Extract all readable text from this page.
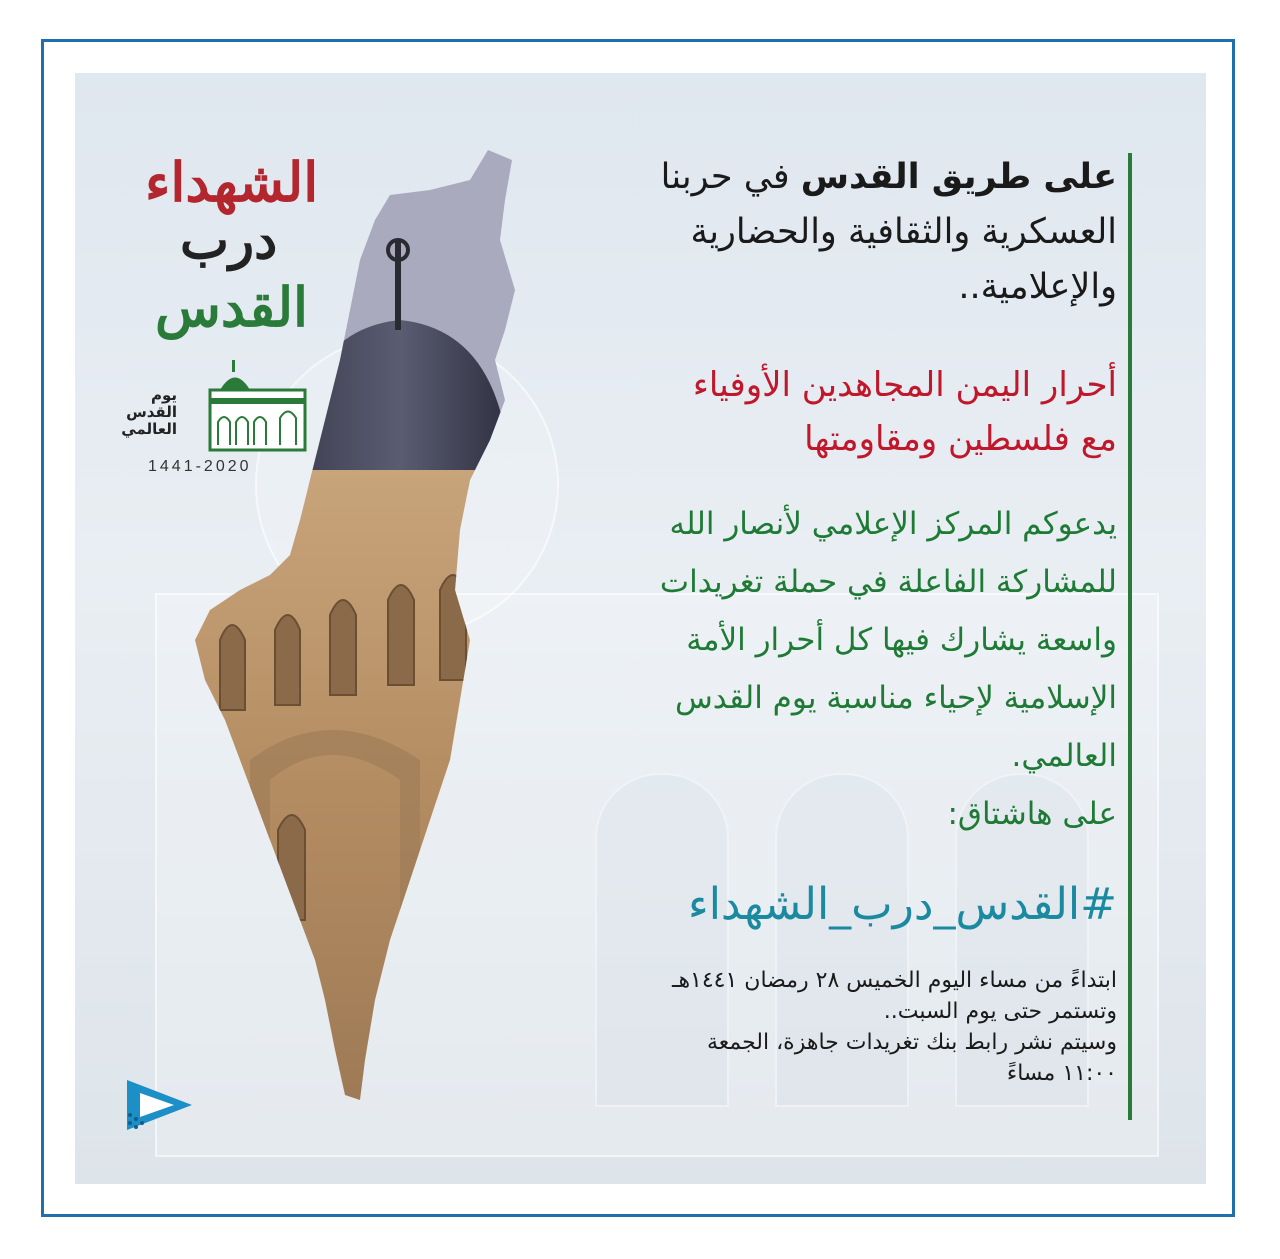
الشهداء
درب
القدس
يوم
القدس
العالمي
1441-2020
على طريق القدس في حربنا
العسكرية والثقافية والحضارية
والإعلامية..
أحرار اليمن المجاهدين الأوفياء
مع فلسطين ومقاومتها
يدعوكم المركز الإعلامي لأنصار الله
للمشاركة الفاعلة في حملة تغريدات
واسعة يشارك فيها كل أحرار الأمة
الإسلامية لإحياء مناسبة يوم القدس
العالمي.
على هاشتاق:
#القدس_درب_الشهداء
ابتداءً من مساء اليوم الخميس ٢٨ رمضان ١٤٤١هـ
وتستمر حتى يوم السبت..
وسيتم نشر رابط بنك تغريدات جاهزة، الجمعة
١١:٠٠ مساءً
